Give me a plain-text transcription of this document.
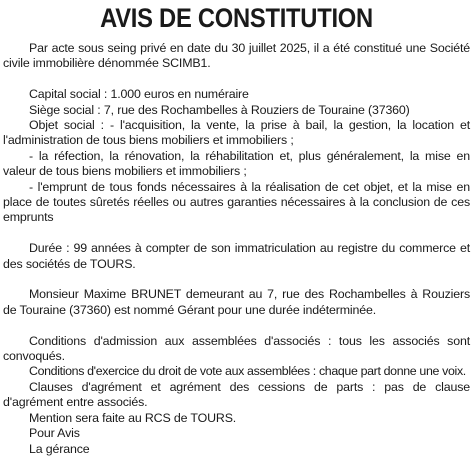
AVIS DE CONSTITUTION

Par acte sous seing privé en date du 30 juillet 2025, il a été constitué une Société civile immobilière dénommée SCIMB1.

Capital social : 1.000 euros en numéraire

Siège social : 7, rue des Rochambelles à Rouziers de Touraine (37360)

Objet social : - l'acquisition, la vente, la prise à bail, la gestion, la location et l'administration de tous biens mobiliers et immobiliers ;

- la réfection, la rénovation, la réhabilitation et, plus généralement, la mise en valeur de tous biens mobiliers et immobiliers ;

- l'emprunt de tous fonds nécessaires à la réalisation de cet objet, et la mise en place de toutes sûretés réelles ou autres garanties nécessaires à la conclusion de ces emprunts

Durée : 99 années à compter de son immatriculation au registre du commerce et des sociétés de TOURS.

Monsieur Maxime BRUNET demeurant au 7, rue des Rochambelles à Rouziers de Touraine (37360) est nommé Gérant pour une durée indéterminée.

Conditions d'admission aux assemblées d'associés : tous les associés sont convoqués.

Conditions d'exercice du droit de vote aux assemblées : chaque part donne une voix.

Clauses d'agrément et agrément des cessions de parts : pas de clause d'agrément entre associés.

Mention sera faite au RCS de TOURS.

Pour Avis

La gérance
